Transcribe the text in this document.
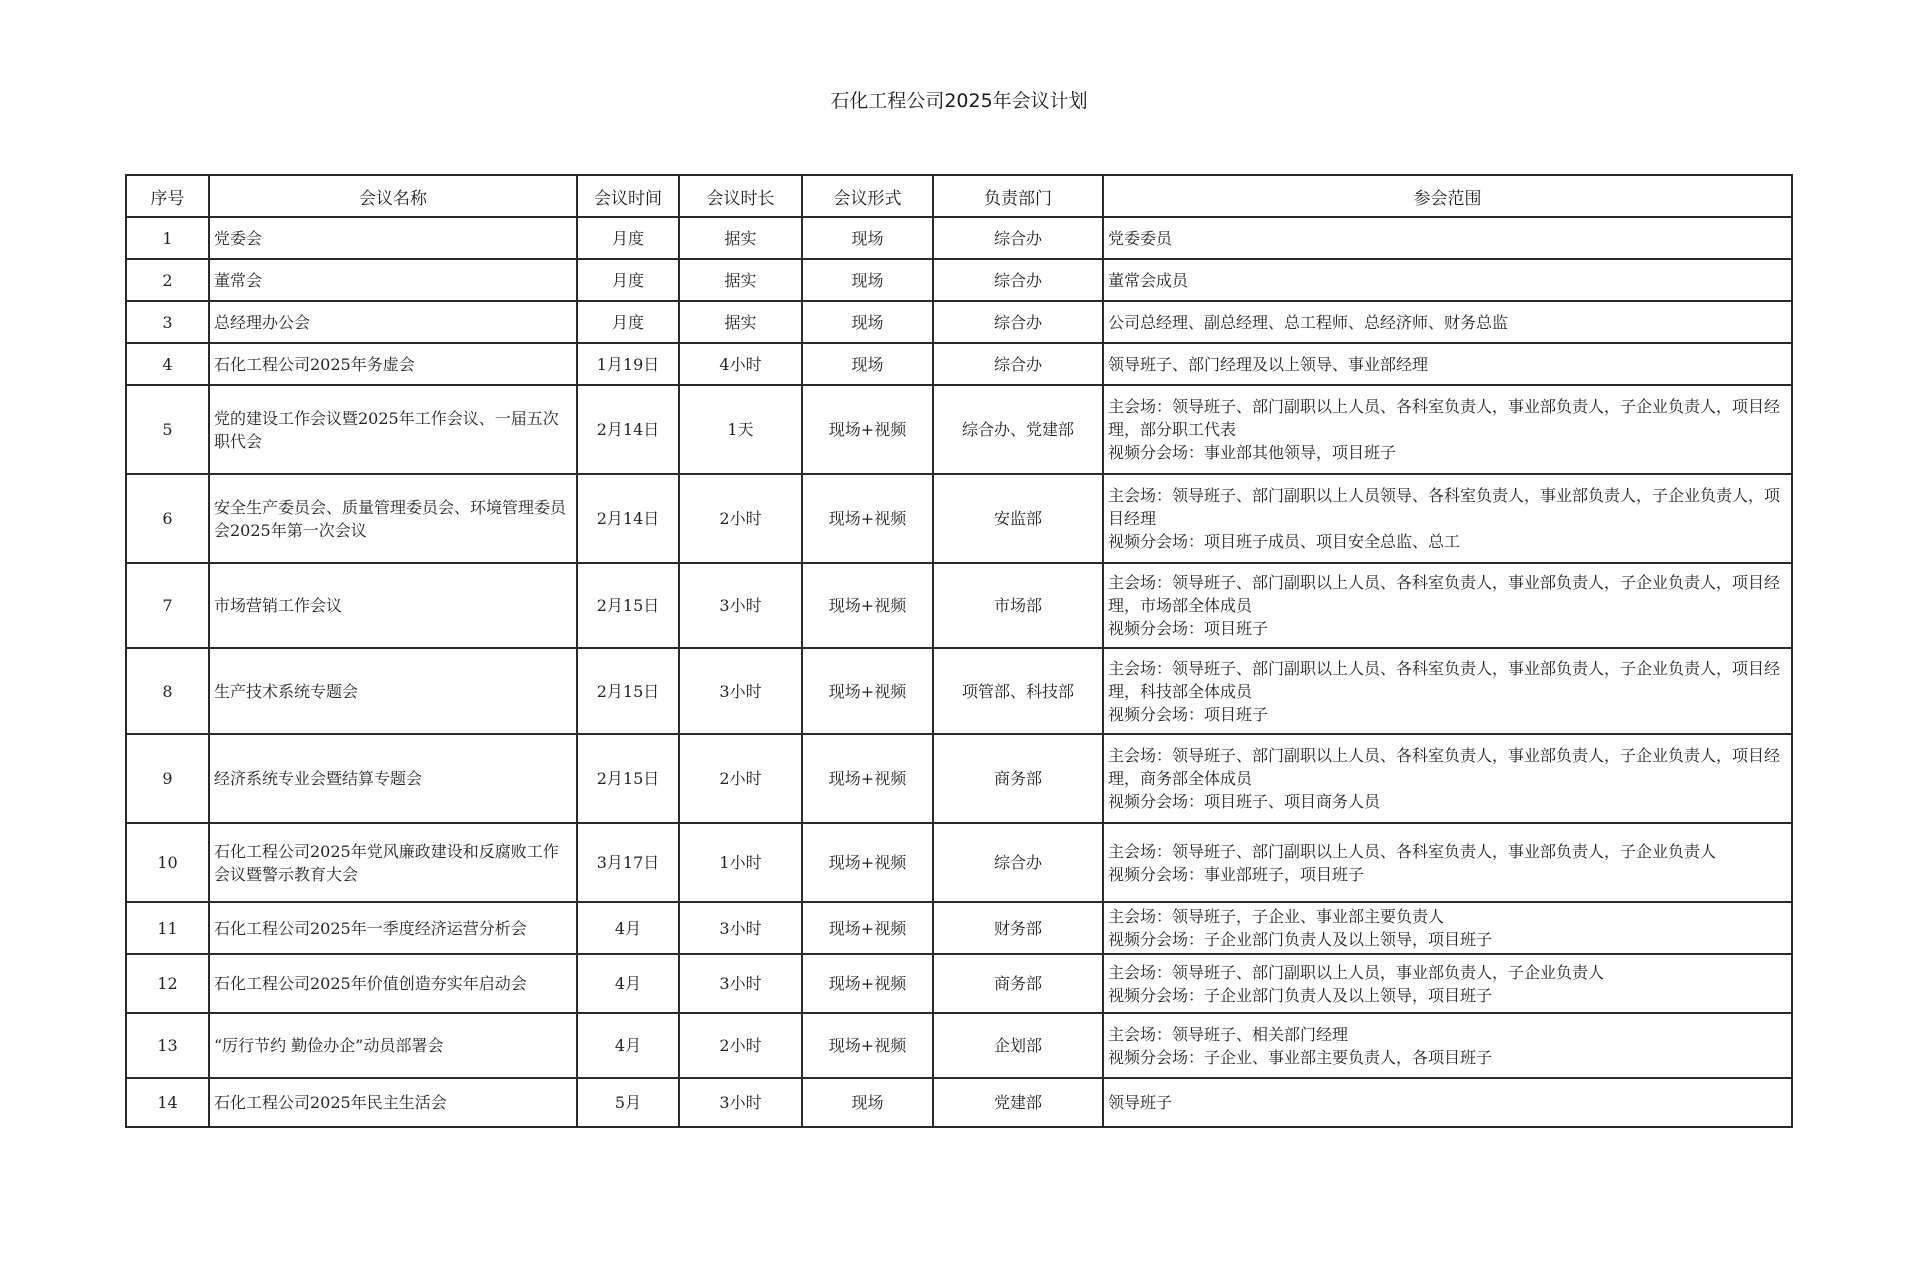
石化工程公司2025年会议计划
序号	会议名称	会议时间	会议时长	会议形式	负责部门	参会范围
1	党委会	月度	据实	现场	综合办	党委委员

2	董常会	月度	据实	现场	综合办	董常会成员

3	总经理办公会	月度	据实	现场	综合办	公司总经理、副总经理、总工程师、总经济师、财务总监

4	石化工程公司2025年务虚会	1月19日	4小时	现场	综合办	领导班子、部门经理及以上领导、事业部经理

5	党的建设工作会议暨2025年工作会议、一届五次职代会	2月14日	1天	现场+视频	综合办、党建部	主会场：领导班子、部门副职以上人员、各科室负责人，事业部负责人，子企业负责人，项目经理，部分职工代表
视频分会场：事业部其他领导，项目班子

6	安全生产委员会、质量管理委员会、环境管理委员会2025年第一次会议	2月14日	2小时	现场+视频	安监部	主会场：领导班子、部门副职以上人员领导、各科室负责人，事业部负责人，子企业负责人，项目经理
视频分会场：项目班子成员、项目安全总监、总工

7	市场营销工作会议	2月15日	3小时	现场+视频	市场部	主会场：领导班子、部门副职以上人员、各科室负责人，事业部负责人，子企业负责人，项目经理，市场部全体成员
视频分会场：项目班子

8	生产技术系统专题会	2月15日	3小时	现场+视频	项管部、科技部	主会场：领导班子、部门副职以上人员、各科室负责人，事业部负责人，子企业负责人，项目经理，科技部全体成员
视频分会场：项目班子

9	经济系统专业会暨结算专题会	2月15日	2小时	现场+视频	商务部	主会场：领导班子、部门副职以上人员、各科室负责人，事业部负责人，子企业负责人，项目经理，商务部全体成员
视频分会场：项目班子、项目商务人员

10	石化工程公司2025年党风廉政建设和反腐败工作会议暨警示教育大会	3月17日	1小时	现场+视频	综合办	主会场：领导班子、部门副职以上人员、各科室负责人，事业部负责人，子企业负责人
视频分会场：事业部班子，项目班子

11	石化工程公司2025年一季度经济运营分析会	4月	3小时	现场+视频	财务部	主会场：领导班子，子企业、事业部主要负责人
视频分会场：子企业部门负责人及以上领导，项目班子

12	石化工程公司2025年价值创造夯实年启动会	4月	3小时	现场+视频	商务部	主会场：领导班子、部门副职以上人员，事业部负责人，子企业负责人
视频分会场：子企业部门负责人及以上领导，项目班子

13	“厉行节约 勤俭办企”动员部署会	4月	2小时	现场+视频	企划部	主会场：领导班子、相关部门经理
视频分会场：子企业、事业部主要负责人，各项目班子

14	石化工程公司2025年民主生活会	5月	3小时	现场	党建部	领导班子
